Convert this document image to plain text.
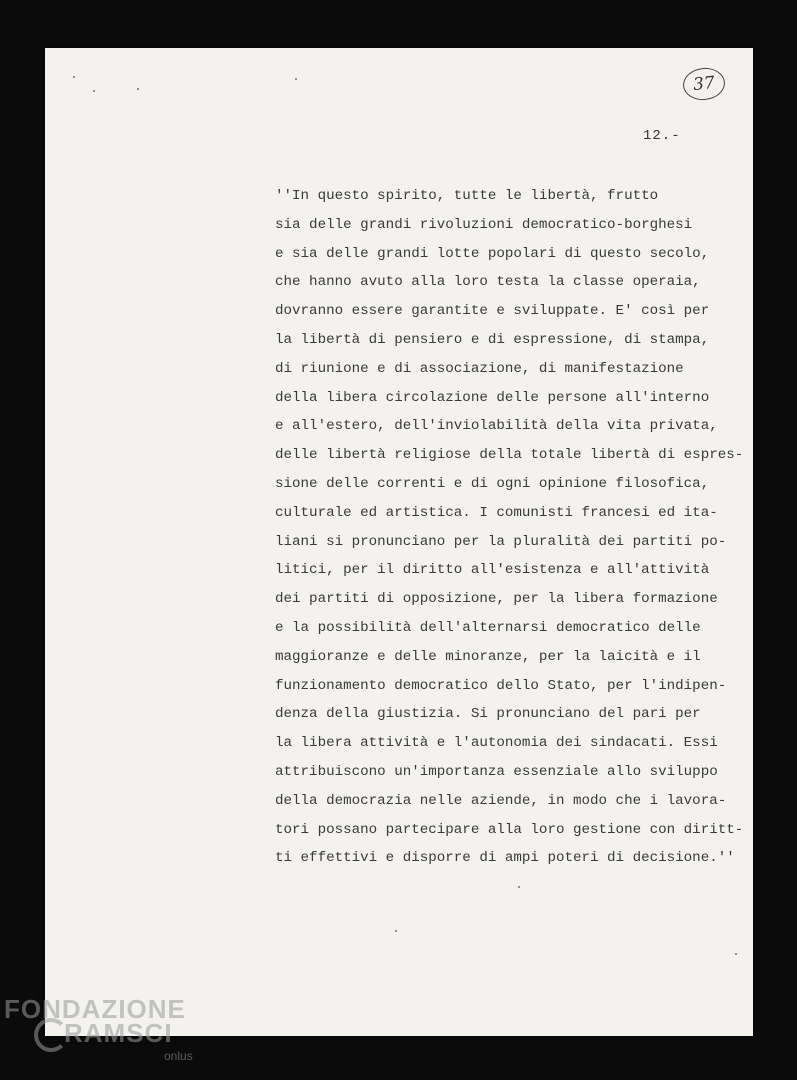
37
12.-
''In questo spirito, tutte le libertà, frutto
sia delle grandi rivoluzioni democratico-borghesi
e sia delle grandi lotte popolari di questo secolo,
che hanno avuto alla loro testa la classe operaia,
dovranno essere garantite e sviluppate. E' così per
la libertà di pensiero e di espressione, di stampa,
di riunione e di associazione, di manifestazione
della libera circolazione delle persone all'interno
e all'estero, dell'inviolabilità della vita privata,
delle libertà religiose della totale libertà di espres-
sione delle correnti e di ogni opinione filosofica,
culturale ed artistica. I comunisti francesi ed ita-
liani si pronunciano per la pluralità dei partiti po-
litici, per il diritto all'esistenza e all'attività
dei partiti di opposizione, per la libera formazione
e la possibilità dell'alternarsi democratico delle
maggioranze e delle minoranze, per la laicità e il
funzionamento democratico dello Stato, per l'indipen-
denza della giustizia. Si pronunciano del pari per
la libera attività e l'autonomia dei sindacati. Essi
attribuiscono un'importanza essenziale allo sviluppo
della democrazia nelle aziende, in modo che i lavora-
tori possano partecipare alla loro gestione con diritt-
ti effettivi e disporre di ampi poteri di decisione.''
FONDAZIONE
RAMSCI
onlus
